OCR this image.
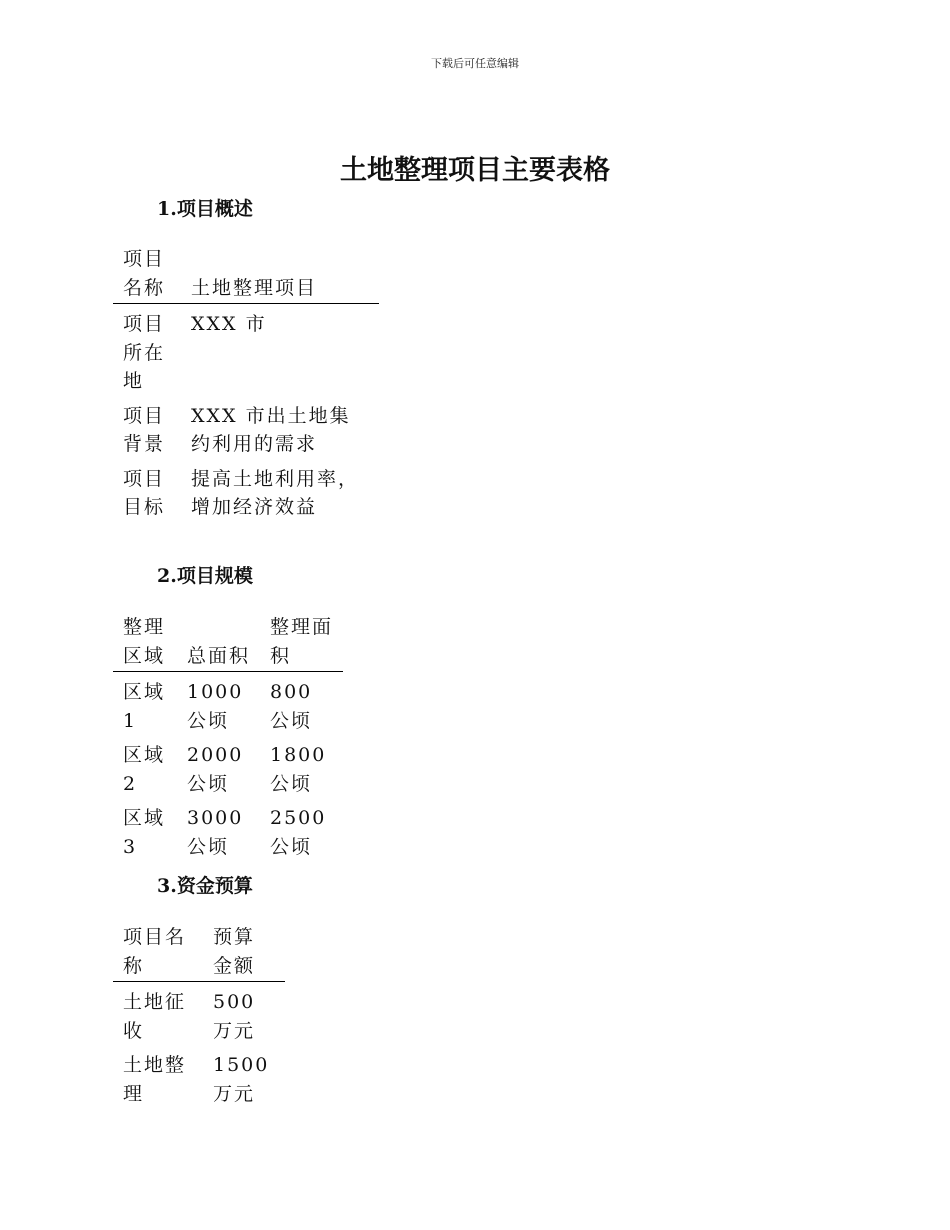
下载后可任意编辑
土地整理项目主要表格
1.项目概述
项目名称	土地整理项目
项目所在地	XXX 市
项目背景	XXX 市出土地集约利用的需求
项目目标	提高土地利用率，增加经济效益
2.项目规模
整理区域	总面积	整理面积
区域 1	1000 公顷	800 公顷
区域 2	2000 公顷	1800 公顷
区域 3	3000 公顷	2500 公顷
3.资金预算
项目名称	预算金额
土地征收	500 万元
土地整理	1500 万元
